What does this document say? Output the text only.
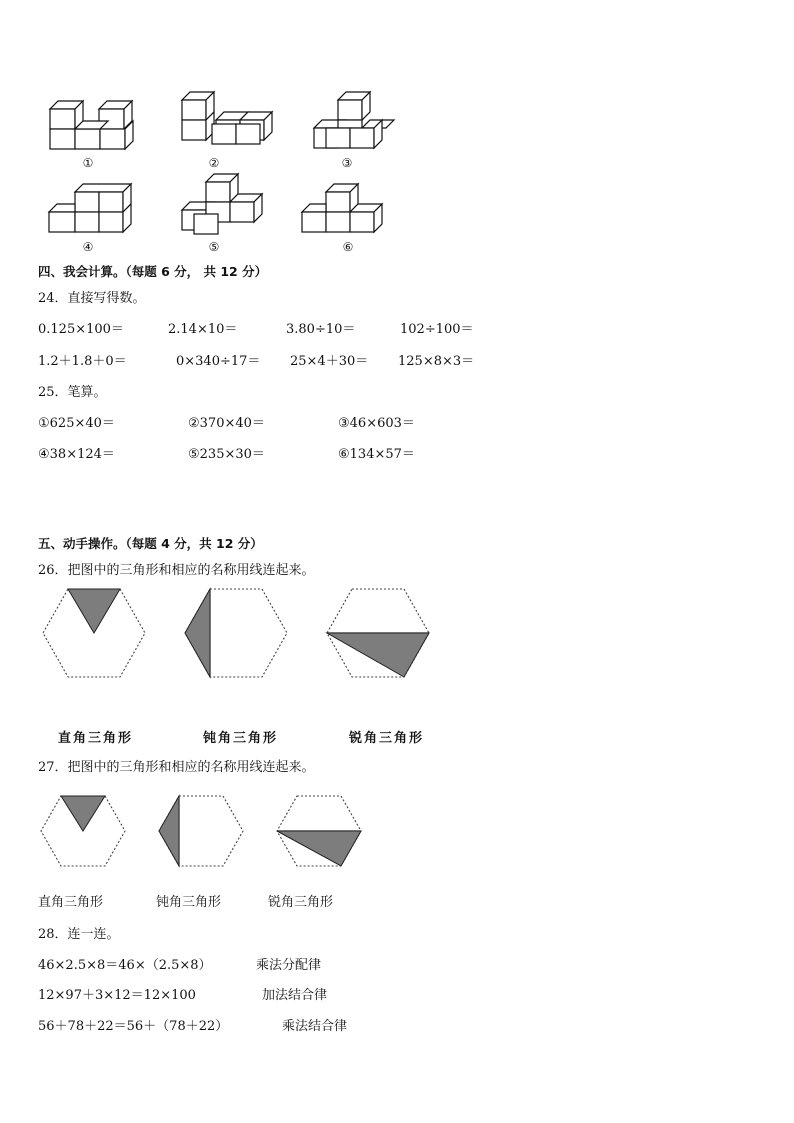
①	②	③
④	⑤	⑥
四、我会计算。（每题 6 分， 共 12 分）
24．直接写得数。
0.125×100＝	2.14×10＝	3.80÷10＝	102÷100＝
1.2＋1.8＋0＝	0×340÷17＝ 25×4＋30＝ 125×8×3＝
25．笔算。
①625×40＝	②370×40＝	③46×603＝
④38×124＝	⑤235×30＝	⑥134×57＝
五、动手操作。（每题 4 分，共 12 分）
26．把图中的三角形和相应的名称用线连起来。
直角三角形	钝角三角形	锐角三角形
27．把图中的三角形和相应的名称用线连起来。
直角三角形	钝角三角形	锐角三角形
28．连一连。
46×2.5×8＝46×（2.5×8）	乘法分配律
12×97＋3×12＝12×100	加法结合律
56＋78＋22＝56＋（78＋22）	乘法结合律
